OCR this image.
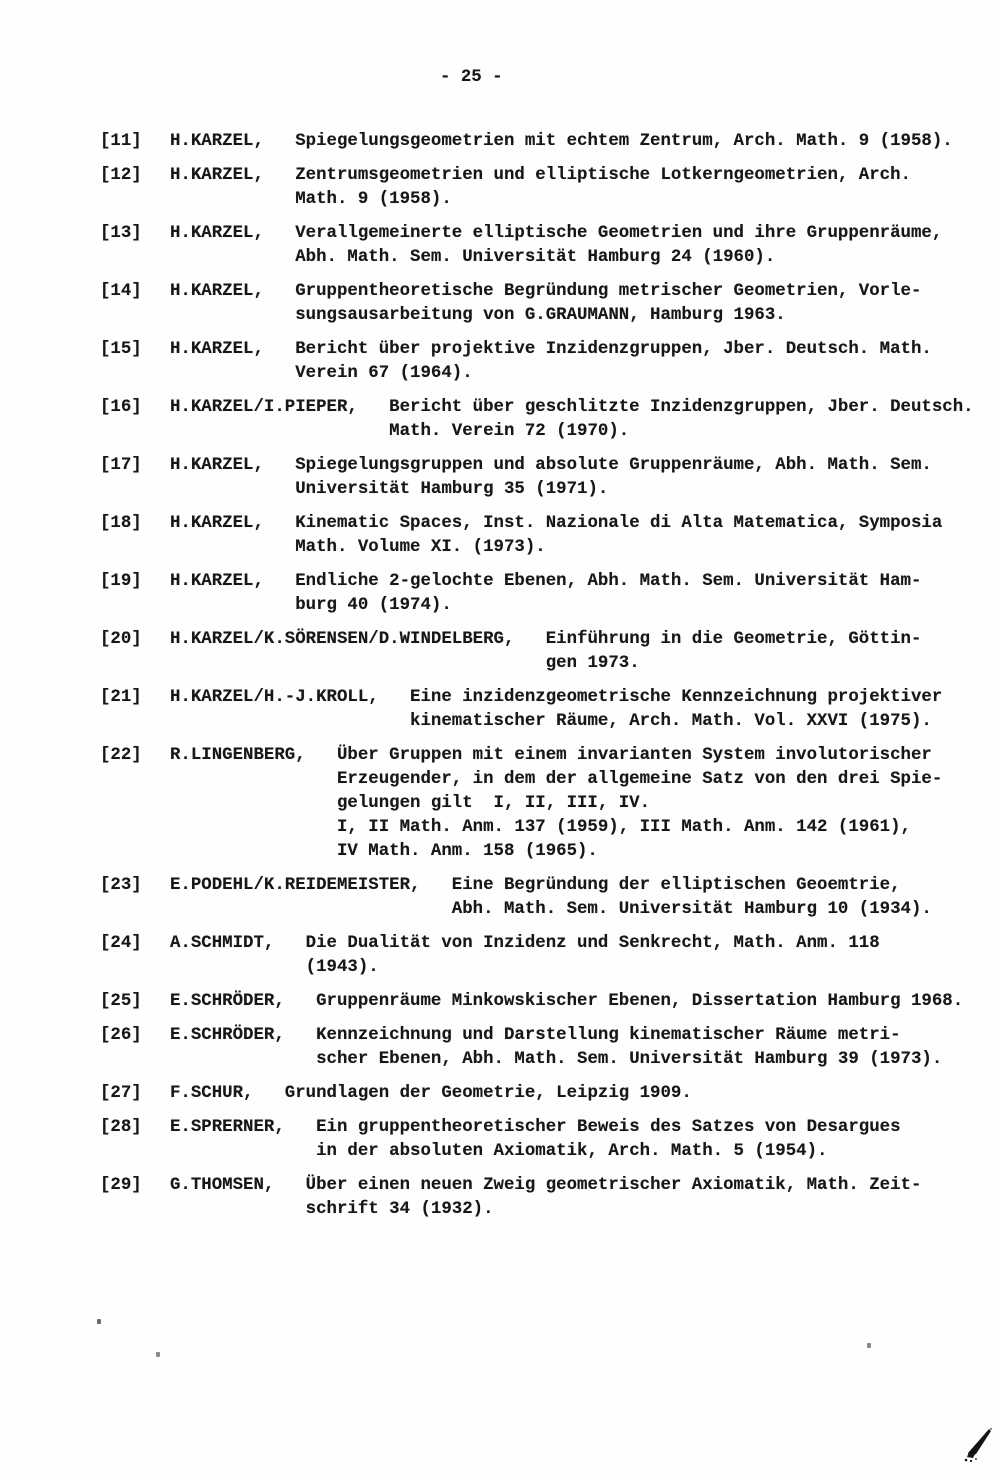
- 25 -
[11]	H.KARZEL, Spiegelungsgeometrien mit echtem Zentrum, Arch. Math. 9 (1958).
[12]	H.KARZEL, Zentrumsgeometrien und elliptische Lotkerngeometrien, Arch.
Math. 9 (1958).
[13]	H.KARZEL, Verallgemeinerte elliptische Geometrien und ihre Gruppenräume,
Abh. Math. Sem. Universität Hamburg 24 (1960).
[14]	H.KARZEL, Gruppentheoretische Begründung metrischer Geometrien, Vorle-
sungsausarbeitung von G.GRAUMANN, Hamburg 1963.
[15]	H.KARZEL, Bericht über projektive Inzidenzgruppen, Jber. Deutsch. Math.
Verein 67 (1964).
[16]	H.KARZEL/I.PIEPER, Bericht über geschlitzte Inzidenzgruppen, Jber. Deutsch.
Math. Verein 72 (1970).
[17]	H.KARZEL, Spiegelungsgruppen und absolute Gruppenräume, Abh. Math. Sem.
Universität Hamburg 35 (1971).
[18]	H.KARZEL, Kinematic Spaces, Inst. Nazionale di Alta Matematica, Symposia
Math. Volume XI. (1973).
[19]	H.KARZEL, Endliche 2-gelochte Ebenen, Abh. Math. Sem. Universität Ham-
burg 40 (1974).
[20]	H.KARZEL/K.SÖRENSEN/D.WINDELBERG, Einführung in die Geometrie, Göttin-
gen 1973.
[21]	H.KARZEL/H.-J.KROLL, Eine inzidenzgeometrische Kennzeichnung projektiver
kinematischer Räume, Arch. Math. Vol. XXVI (1975).
[22]	R.LINGENBERG, Über Gruppen mit einem invarianten System involutorischer
Erzeugender, in dem der allgemeine Satz von den drei Spie-
gelungen gilt  I, II, III, IV.
I, II Math. Anm. 137 (1959), III Math. Anm. 142 (1961),
IV Math. Anm. 158 (1965).
[23]	E.PODEHL/K.REIDEMEISTER, Eine Begründung der elliptischen Geoemtrie,
Abh. Math. Sem. Universität Hamburg 10 (1934).
[24]	A.SCHMIDT, Die Dualität von Inzidenz und Senkrecht, Math. Anm. 118
(1943).
[25]	E.SCHRÖDER, Gruppenräume Minkowskischer Ebenen, Dissertation Hamburg 1968.
[26]	E.SCHRÖDER, Kennzeichnung und Darstellung kinematischer Räume metri-
scher Ebenen, Abh. Math. Sem. Universität Hamburg 39 (1973).
[27]	F.SCHUR, Grundlagen der Geometrie, Leipzig 1909.
[28]	E.SPRERNER, Ein gruppentheoretischer Beweis des Satzes von Desargues
in der absoluten Axiomatik, Arch. Math. 5 (1954).
[29]	G.THOMSEN, Über einen neuen Zweig geometrischer Axiomatik, Math. Zeit-
schrift 34 (1932).
